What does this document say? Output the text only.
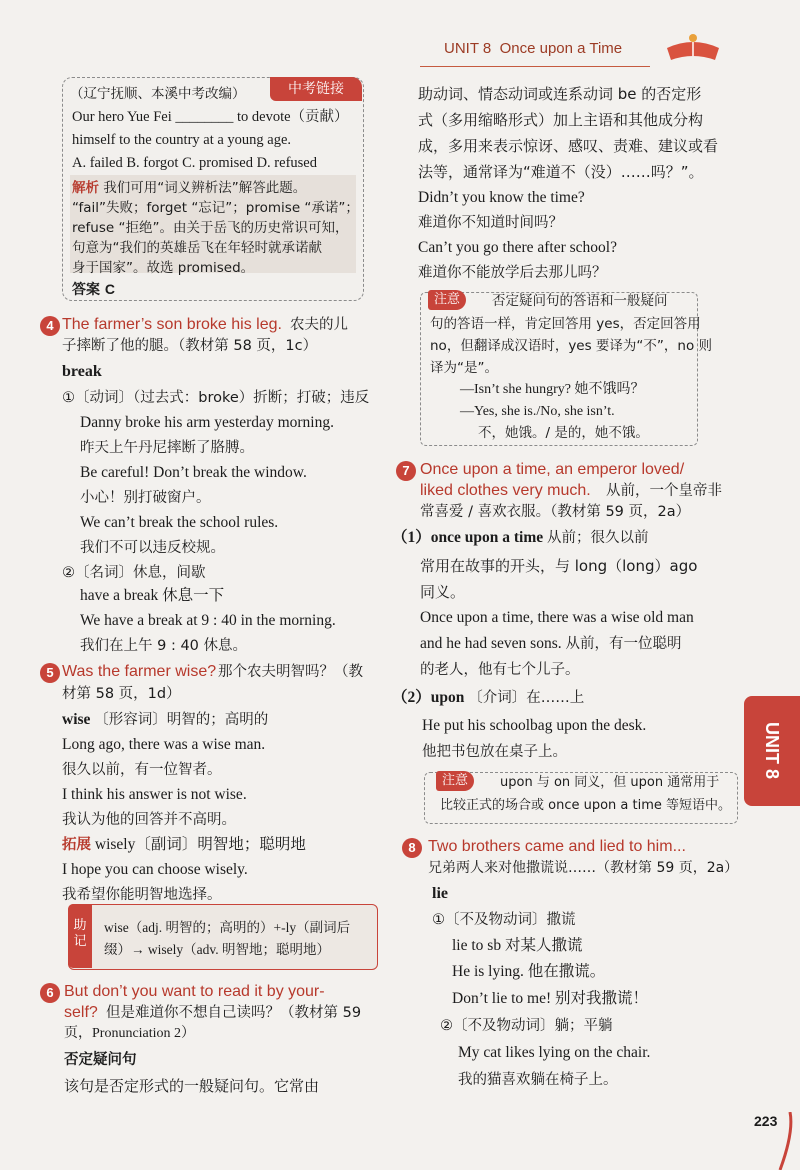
UNIT 8 Once upon a Time
中考链接
（辽宁抚顺、本溪中考改编）
Our hero Yue Fei ________ to devote（贡献）
himself to the country at a young age.
A. failed B. forgot C. promised D. refused
解析 我们可用“词义辨析法”解答此题。
“fail”失败；forget “忘记”；promise “承诺”；
refuse “拒绝”。由关于岳飞的历史常识可知，
句意为“我们的英雄岳飞在年轻时就承诺献
身于国家”。故选 promised。
答案 C
4 The farmer’s son broke his leg. 农夫的儿
子摔断了他的腿。（教材第 58 页，1c）
break
①〔动词〕（过去式：broke）折断；打破；违反
Danny broke his arm yesterday morning.
昨天上午丹尼摔断了胳膊。
Be careful! Don’t break the window.
小心！别打破窗户。
We can’t break the school rules.
我们不可以违反校规。
②〔名词〕休息，间歇
have a break 休息一下
We have a break at 9 : 40 in the morning.
我们在上午 9 : 40 休息。
5 Was the farmer wise? 那个农夫明智吗？（教
材第 58 页，1d）
wise 〔形容词〕明智的；高明的
Long ago, there was a wise man.
很久以前，有一位智者。
I think his answer is not wise.
我认为他的回答并不高明。
拓展 wisely〔副词〕明智地；聪明地
I hope you can choose wisely.
我希望你能明智地选择。
助记
wise（adj. 明智的；高明的）+-ly（副词后
缀）→ wisely（adv. 明智地；聪明地）
6 But don’t you want to read it by your-
self? 但是难道你不想自己读吗？（教材第 59
页，Pronunciation 2）
否定疑问句
该句是否定形式的一般疑问句。它常由
助动词、情态动词或连系动词 be 的否定形
式（多用缩略形式）加上主语和其他成分构
成，多用来表示惊讶、感叹、责难、建议或看
法等，通常译为“难道不（没）……吗？”。
Didn’t you know the time?
难道你不知道时间吗？
Can’t you go there after school?
难道你不能放学后去那儿吗？
注意	否定疑问句的答语和一般疑问
句的答语一样，肯定回答用 yes，否定回答用
no，但翻译成汉语时，yes 要译为“不”，no 则
译为“是”。
—Isn’t she hungry? 她不饿吗？
—Yes, she is./No, she isn’t.
不，她饿。/ 是的，她不饿。
7 Once upon a time, an emperor loved/
liked clothes very much. 从前，一个皇帝非
常喜爱 / 喜欢衣服。（教材第 59 页，2a）
（1）once upon a time 从前；很久以前
常用在故事的开头，与 long（long）ago
同义。
Once upon a time, there was a wise old man
and he had seven sons. 从前，有一位聪明
的老人，他有七个儿子。
（2）upon 〔介词〕在……上
He put his schoolbag upon the desk.
他把书包放在桌子上。
注意	upon 与 on 同义，但 upon 通常用于
比较正式的场合或 once upon a time 等短语中。
8 Two brothers came and lied to him...
兄弟两人来对他撒谎说……（教材第 59 页，2a）
lie
①〔不及物动词〕撒谎
lie to sb 对某人撒谎
He is lying. 他在撒谎。
Don’t lie to me! 别对我撒谎！
②〔不及物动词〕躺；平躺
My cat likes lying on the chair.
我的猫喜欢躺在椅子上。
UNIT 8
223
